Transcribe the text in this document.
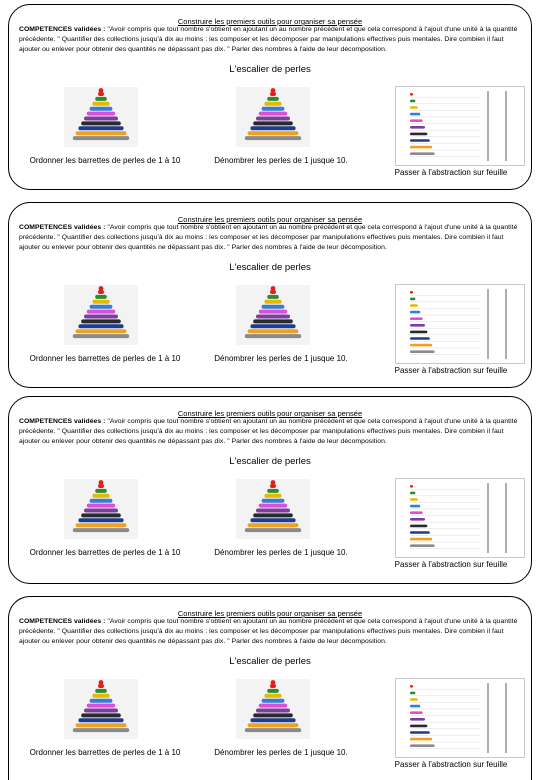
Construire les premiers outils pour organiser sa pensée
COMPETENCES validées : "Avoir compris que tout nombre s'obtient en ajoutant un au nombre précédent et que cela correspond à l'ajout d'une unité à la quantité précédente. " Quantifier des collections jusqu'à dix au moins : les composer et les décomposer par manipulations effectives puis mentales. Dire combien il faut ajouter ou enlever pour obtenir des quantités ne dépassant pas dix. " Parler des nombres à l'aide de leur décomposition.
L'escalier de perles
Ordonner les barrettes de perles de 1 à 10	Dénombrer les perles de 1 jusque 10.
Passer à l'abstraction sur feuille
Construire les premiers outils pour organiser sa pensée
COMPETENCES validées : "Avoir compris que tout nombre s'obtient en ajoutant un au nombre précédent et que cela correspond à l'ajout d'une unité à la quantité précédente. " Quantifier des collections jusqu'à dix au moins : les composer et les décomposer par manipulations effectives puis mentales. Dire combien il faut ajouter ou enlever pour obtenir des quantités ne dépassant pas dix. " Parler des nombres à l'aide de leur décomposition.
L'escalier de perles
Ordonner les barrettes de perles de 1 à 10	Dénombrer les perles de 1 jusque 10.
Passer à l'abstraction sur feuille
Construire les premiers outils pour organiser sa pensée
COMPETENCES validées : "Avoir compris que tout nombre s'obtient en ajoutant un au nombre précédent et que cela correspond à l'ajout d'une unité à la quantité précédente. " Quantifier des collections jusqu'à dix au moins : les composer et les décomposer par manipulations effectives puis mentales. Dire combien il faut ajouter ou enlever pour obtenir des quantités ne dépassant pas dix. " Parler des nombres à l'aide de leur décomposition.
L'escalier de perles
Ordonner les barrettes de perles de 1 à 10	Dénombrer les perles de 1 jusque 10.
Passer à l'abstraction sur feuille
Construire les premiers outils pour organiser sa pensée
COMPETENCES validées : "Avoir compris que tout nombre s'obtient en ajoutant un au nombre précédent et que cela correspond à l'ajout d'une unité à la quantité précédente. " Quantifier des collections jusqu'à dix au moins : les composer et les décomposer par manipulations effectives puis mentales. Dire combien il faut ajouter ou enlever pour obtenir des quantités ne dépassant pas dix. " Parler des nombres à l'aide de leur décomposition.
L'escalier de perles
Ordonner les barrettes de perles de 1 à 10	Dénombrer les perles de 1 jusque 10.
Passer à l'abstraction sur feuille
